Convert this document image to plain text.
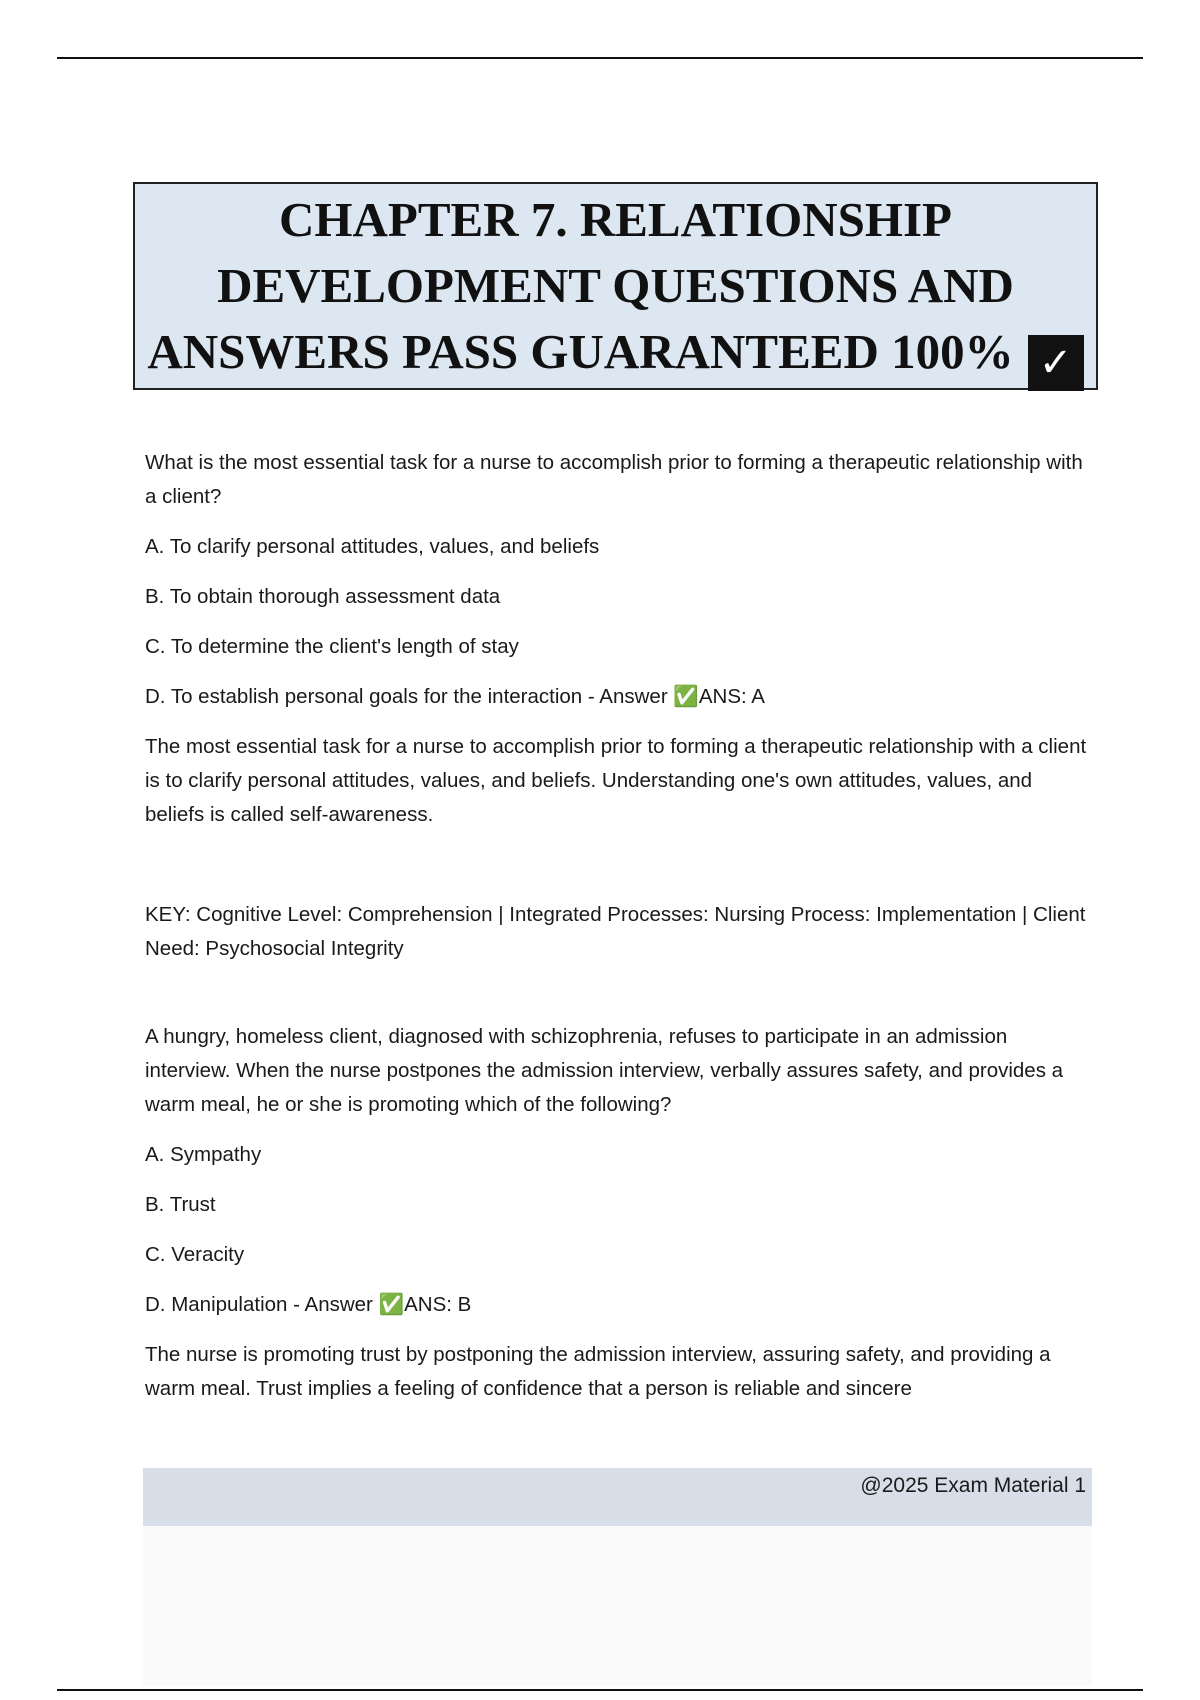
CHAPTER 7. RELATIONSHIP
DEVELOPMENT QUESTIONS AND
ANSWERS PASS GUARANTEED 100% ✓

What is the most essential task for a nurse to accomplish prior to forming a therapeutic relationship with a client?

A. To clarify personal attitudes, values, and beliefs

B. To obtain thorough assessment data

C. To determine the client's length of stay

D. To establish personal goals for the interaction - Answer ✅ANS: A

The most essential task for a nurse to accomplish prior to forming a therapeutic relationship with a client is to clarify personal attitudes, values, and beliefs. Understanding one's own attitudes, values, and beliefs is called self-awareness.

KEY: Cognitive Level: Comprehension | Integrated Processes: Nursing Process: Implementation | Client Need: Psychosocial Integrity

A hungry, homeless client, diagnosed with schizophrenia, refuses to participate in an admission interview. When the nurse postpones the admission interview, verbally assures safety, and provides a warm meal, he or she is promoting which of the following?

A. Sympathy

B. Trust

C. Veracity

D. Manipulation - Answer ✅ANS: B

The nurse is promoting trust by postponing the admission interview, assuring safety, and providing a warm meal. Trust implies a feeling of confidence that a person is reliable and sincere

@2025 Exam Material 1
